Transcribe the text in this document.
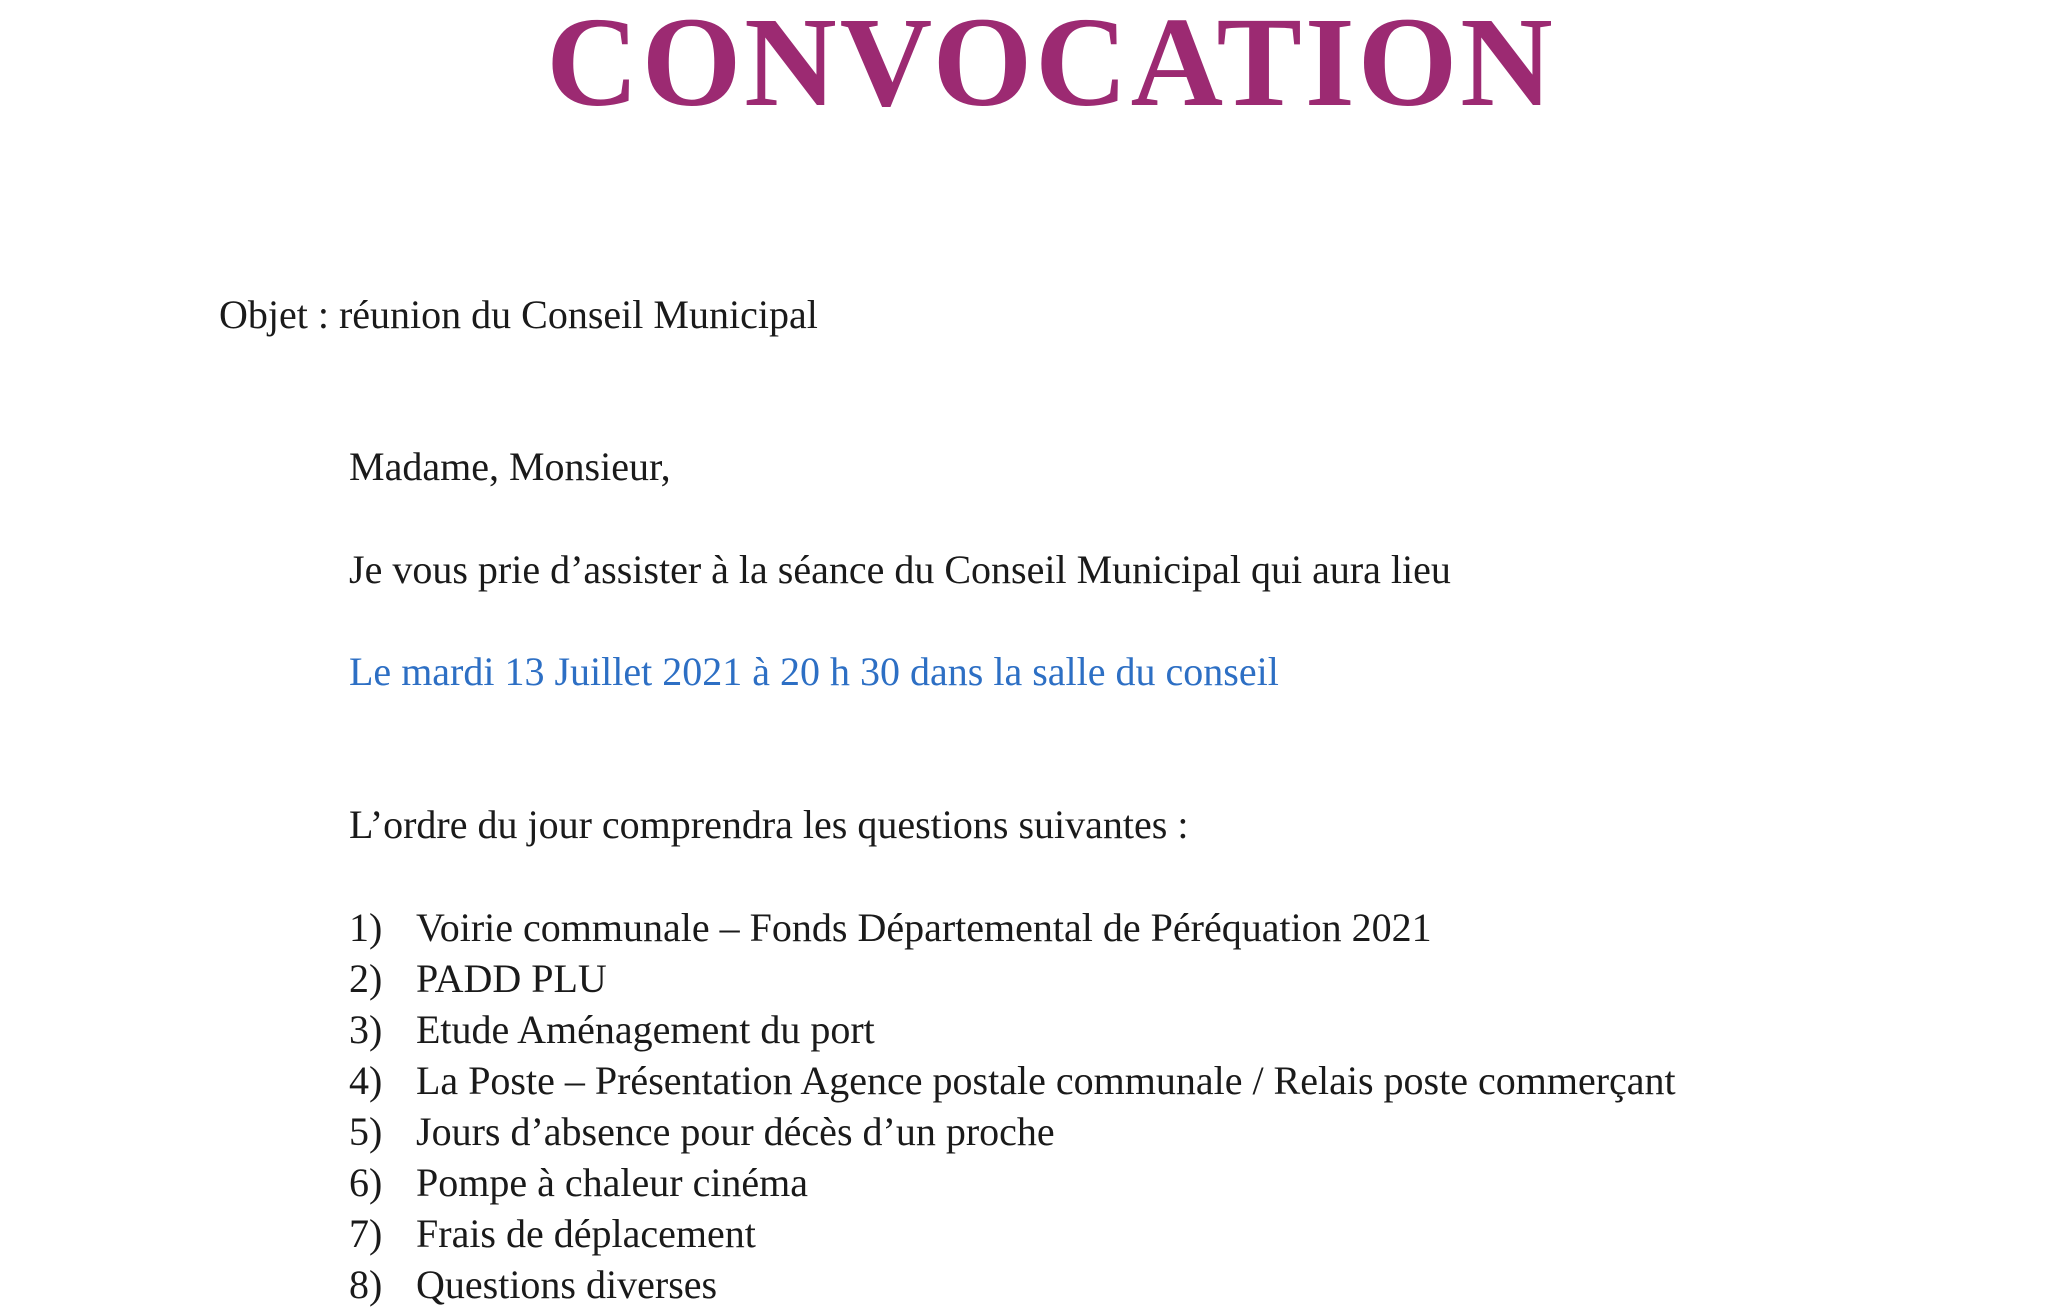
CONVOCATION
Objet : réunion du Conseil Municipal
Madame, Monsieur,
Je vous prie d’assister à la séance du Conseil Municipal qui aura lieu
Le mardi 13 Juillet 2021 à 20 h 30 dans la salle du conseil
L’ordre du jour comprendra les questions suivantes :
1) Voirie communale – Fonds Départemental de Péréquation 2021
2) PADD PLU
3) Etude Aménagement du port
4) La Poste – Présentation Agence postale communale / Relais poste commerçant
5) Jours d’absence pour décès d’un proche
6) Pompe à chaleur cinéma
7) Frais de déplacement
8) Questions diverses
